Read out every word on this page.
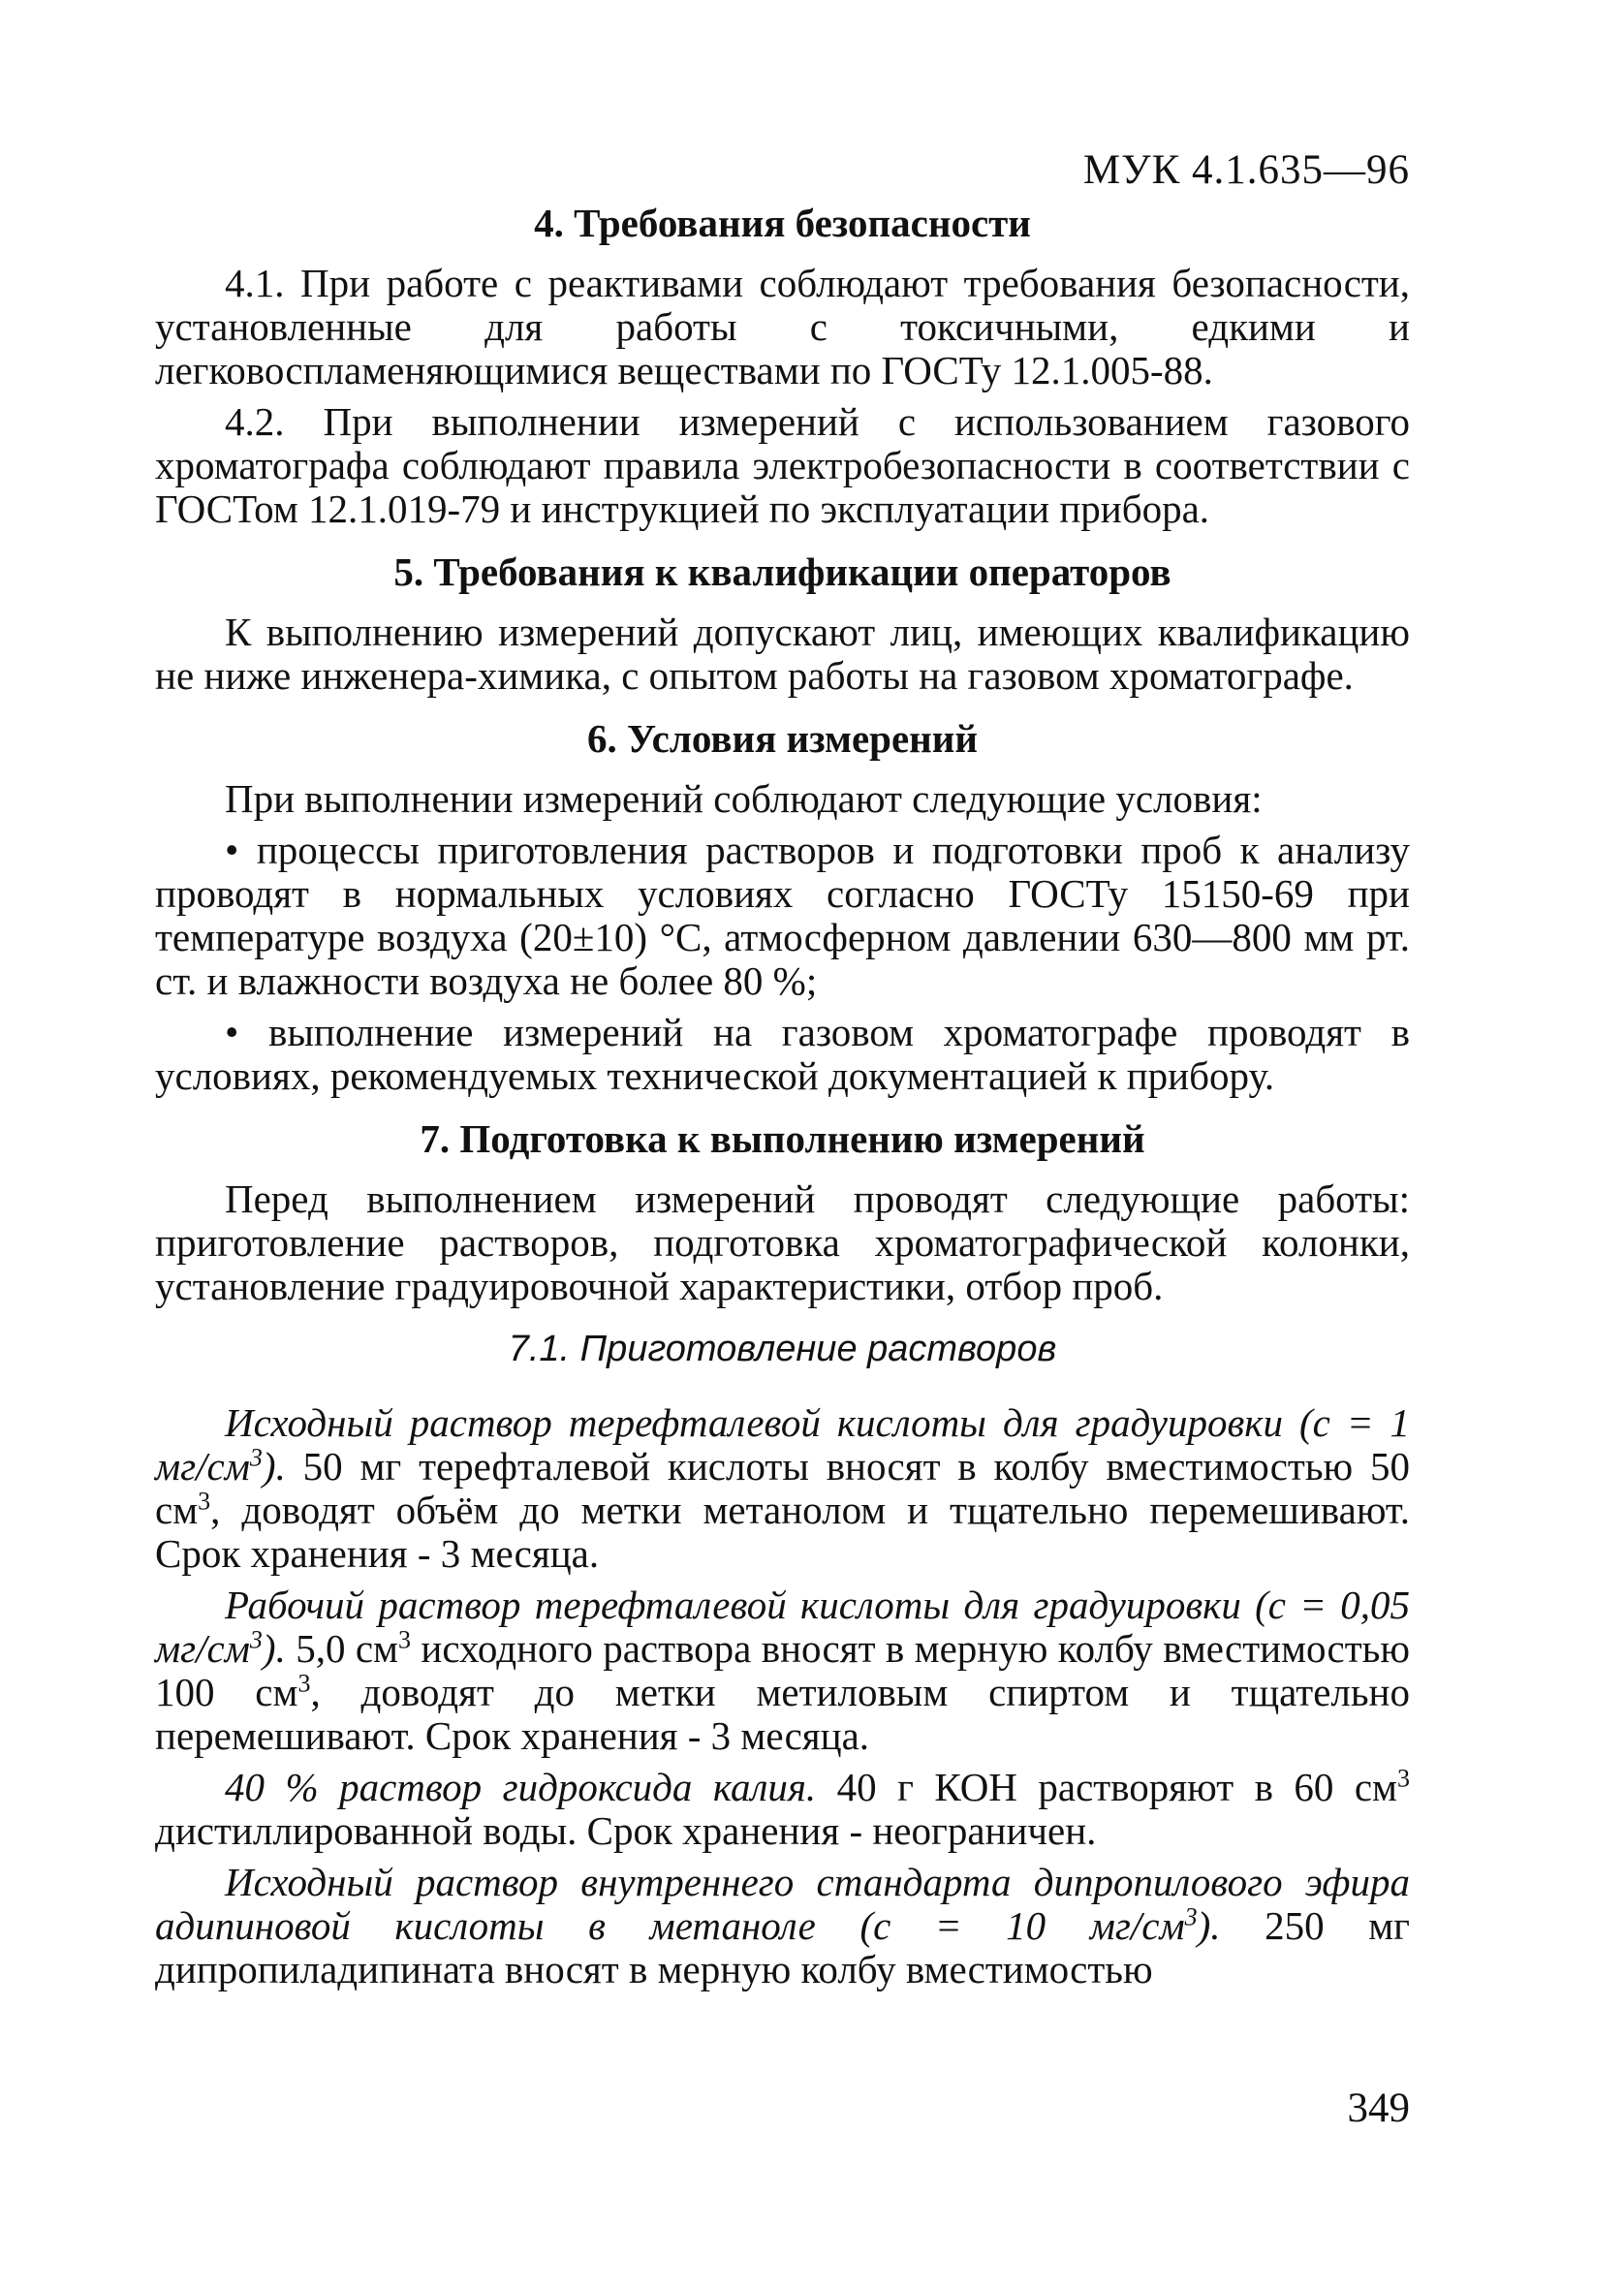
МУК 4.1.635—96
4. Требования безопасности

4.1. При работе с реактивами соблюдают требования безопасности, установленные для работы с токсичными, едкими и легковоспламеняющимися веществами по ГОСТу 12.1.005-88.

4.2. При выполнении измерений с использованием газового хроматографа соблюдают правила электробезопасности в соответствии с ГОСТом 12.1.019-79 и инструкцией по эксплуатации прибора.

5. Требования к квалификации операторов

К выполнению измерений допускают лиц, имеющих квалификацию не ниже инженера-химика, с опытом работы на газовом хроматографе.

6. Условия измерений

При выполнении измерений соблюдают следующие условия:

• процессы приготовления растворов и подготовки проб к анализу проводят в нормальных условиях согласно ГОСТу 15150-69 при температуре воздуха (20±10) °С, атмосферном давлении 630—800 мм рт. ст. и влажности воздуха не более 80 %;

• выполнение измерений на газовом хроматографе проводят в условиях, рекомендуемых технической документацией к прибору.

7. Подготовка к выполнению измерений

Перед выполнением измерений проводят следующие работы: приготовление растворов, подготовка хроматографической колонки, установление градуировочной характеристики, отбор проб.

7.1. Приготовление растворов

Исходный раствор терефталевой кислоты для градуировки (с = 1 $мг/см^3$). 50 мг терефталевой кислоты вносят в колбу вместимостью 50 $см^3$, доводят объём до метки метанолом и тщательно перемешивают. Срок хранения - 3 месяца.

Рабочий раствор терефталевой кислоты для градуировки (с = 0,05 $мг/см^3$). 5,0 $см^3$ исходного раствора вносят в мерную колбу вместимостью 100 $см^3$, доводят до метки метиловым спиртом и тщательно перемешивают. Срок хранения - 3 месяца.

40 % раствор гидроксида калия. 40 г КОН растворяют в 60 $см^3$ дистиллированной воды. Срок хранения - неограничен.

Исходный раствор внутреннего стандарта дипропилового эфира адипиновой кислоты в метаноле (с = 10 $мг/см^3$). 250 мг дипропиладипината вносят в мерную колбу вместимостью

349
